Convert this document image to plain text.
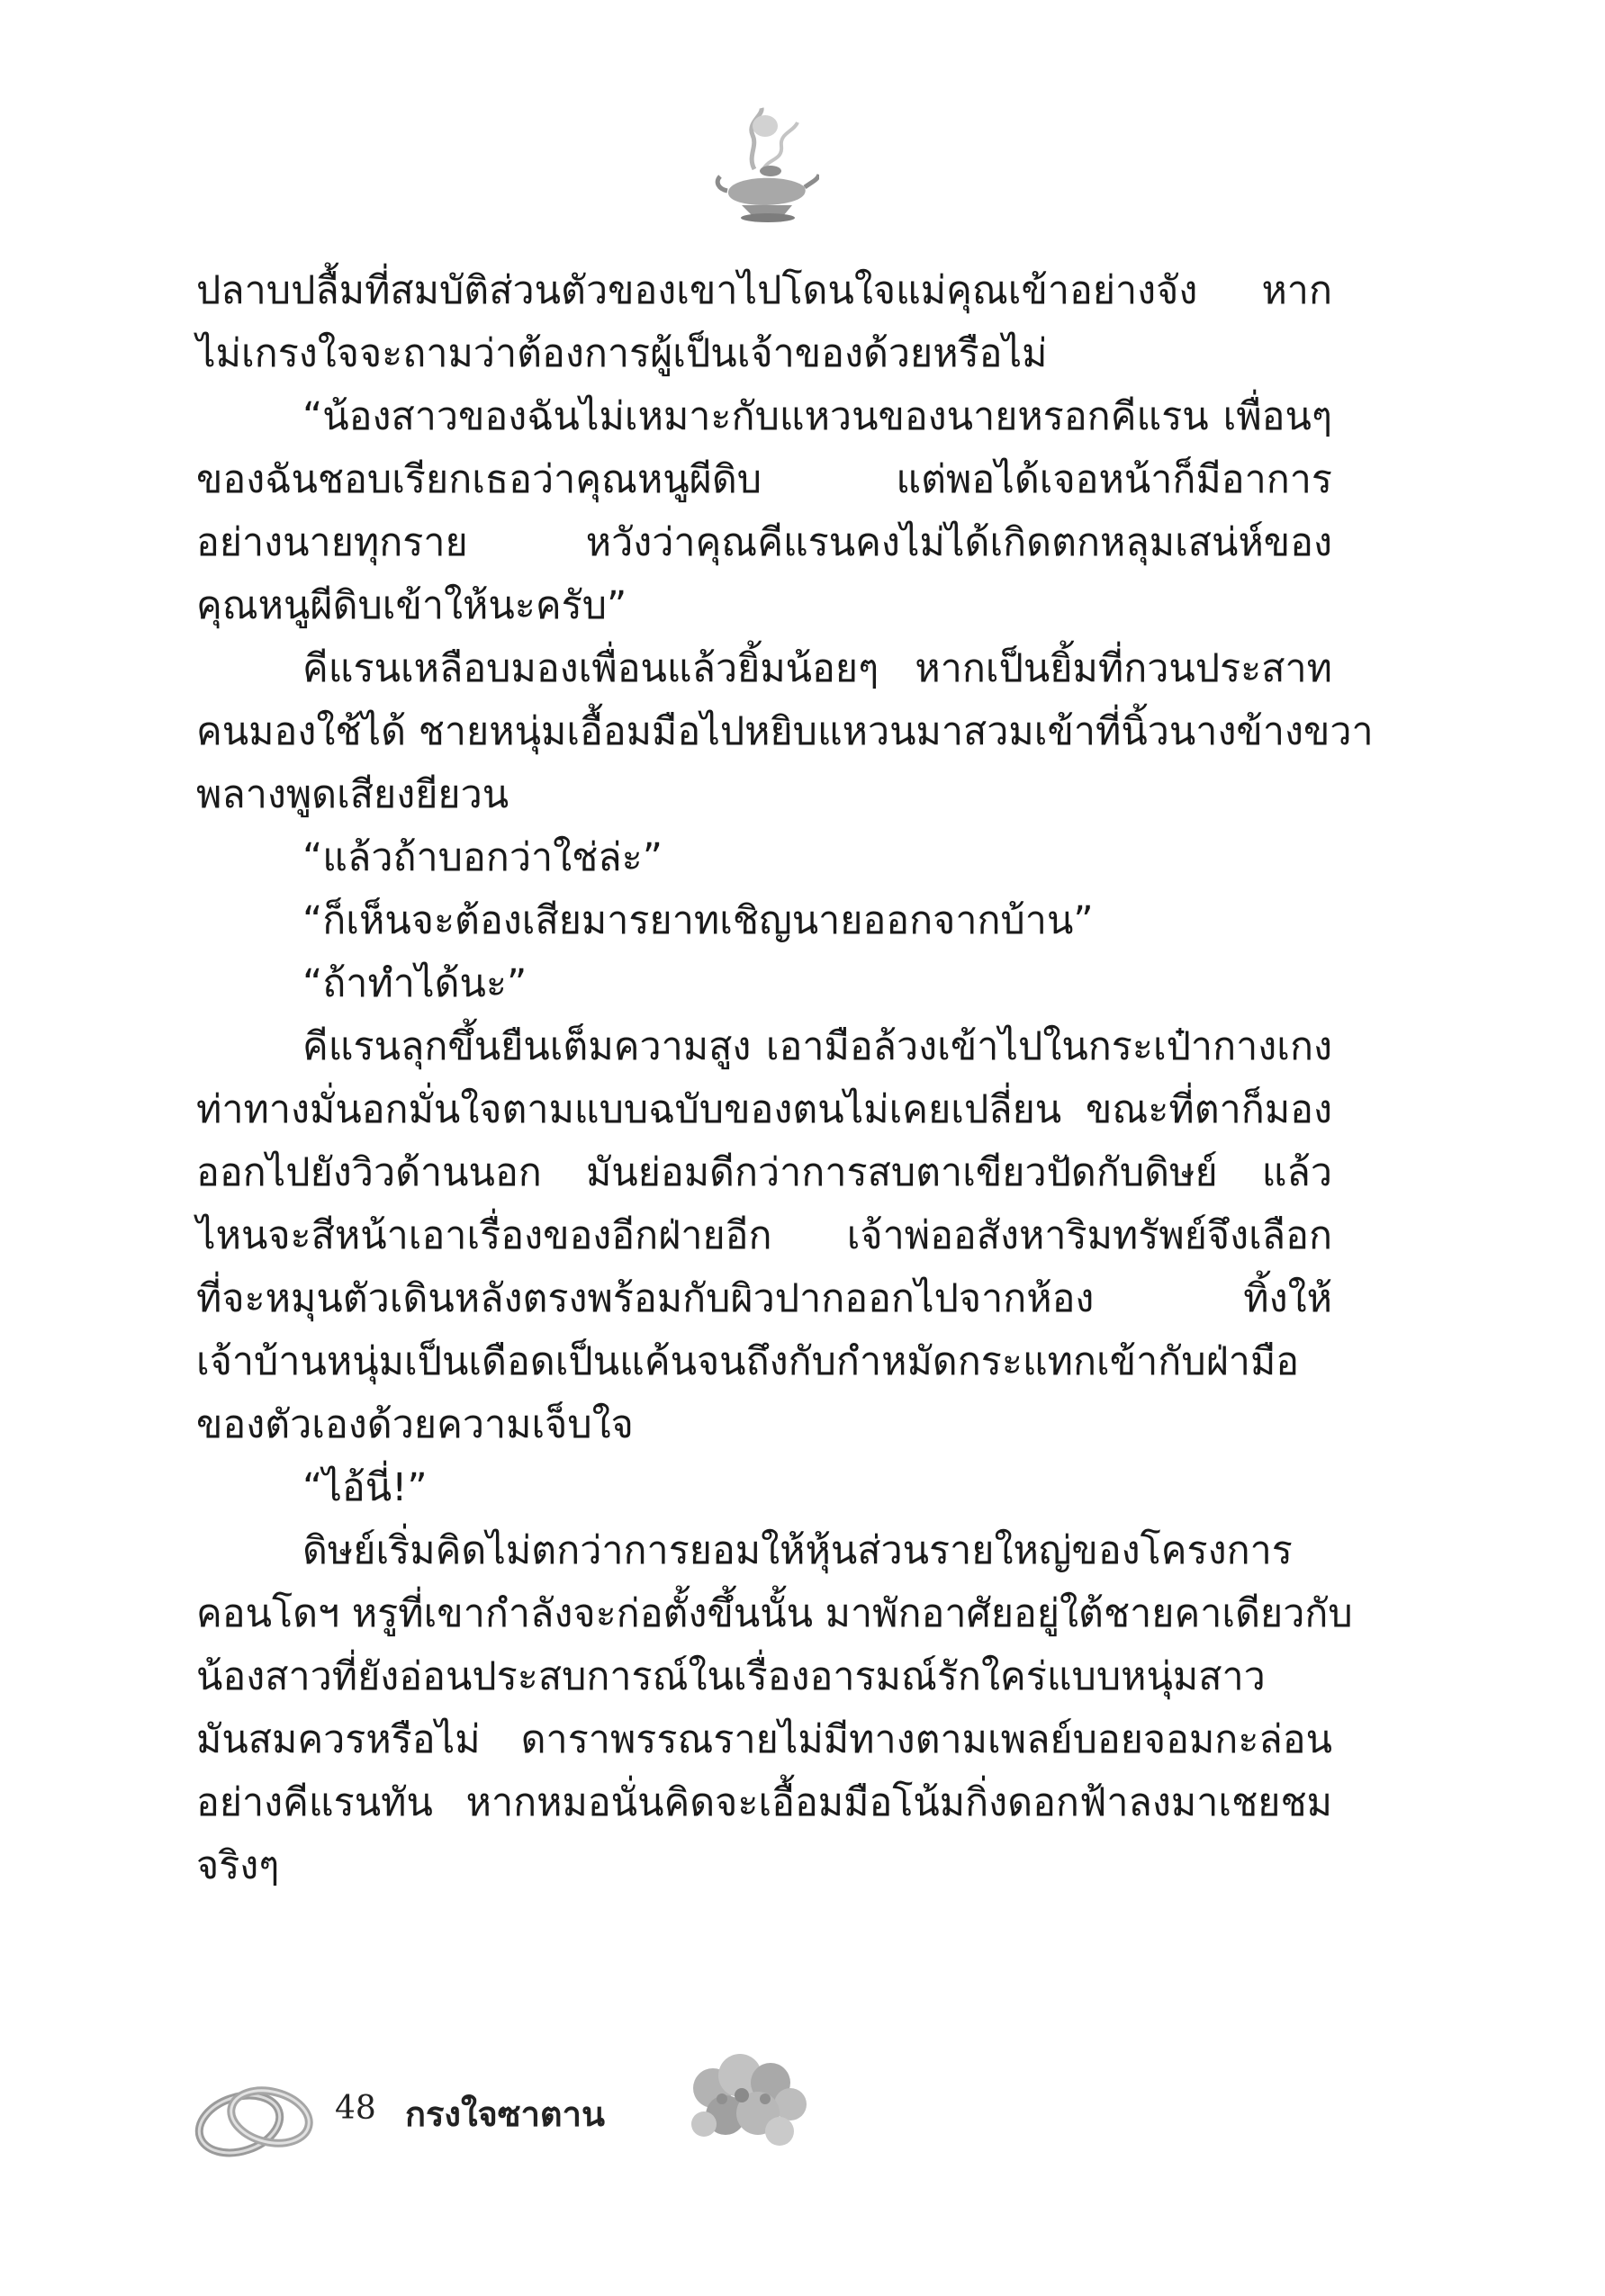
ปลาบปลื้มที่สมบัติส่วนตัวของเขาไปโดนใจแม่คุณเข้าอย่างจัง หาก
ไม่เกรงใจจะถามว่าต้องการผู้เป็นเจ้าของด้วยหรือไม่
“น้องสาวของฉันไม่เหมาะกับแหวนของนายหรอกคีแรน เพื่อนๆ
ของฉันชอบเรียกเธอว่าคุณหนูผีดิบ แต่พอได้เจอหน้าก็มีอาการ
อย่างนายทุกราย หวังว่าคุณคีแรนคงไม่ได้เกิดตกหลุมเสน่ห์ของ
คุณหนูผีดิบเข้าให้นะครับ”
คีแรนเหลือบมองเพื่อนแล้วยิ้มน้อยๆ หากเป็นยิ้มที่กวนประสาท
คนมองใช้ได้ ชายหนุ่มเอื้อมมือไปหยิบแหวนมาสวมเข้าที่นิ้วนางข้างขวา
พลางพูดเสียงยียวน
“แล้วถ้าบอกว่าใช่ล่ะ”
“ก็เห็นจะต้องเสียมารยาทเชิญนายออกจากบ้าน”
“ถ้าทำได้นะ”
คีแรนลุกขึ้นยืนเต็มความสูง เอามือล้วงเข้าไปในกระเป๋ากางเกง
ท่าทางมั่นอกมั่นใจตามแบบฉบับของตนไม่เคยเปลี่ยน ขณะที่ตาก็มอง
ออกไปยังวิวด้านนอก มันย่อมดีกว่าการสบตาเขียวปัดกับดิษย์ แล้ว
ไหนจะสีหน้าเอาเรื่องของอีกฝ่ายอีก เจ้าพ่ออสังหาริมทรัพย์จึงเลือก
ที่จะหมุนตัวเดินหลังตรงพร้อมกับผิวปากออกไปจากห้อง ทิ้งให้
เจ้าบ้านหนุ่มเป็นเดือดเป็นแค้นจนถึงกับกำหมัดกระแทกเข้ากับฝ่ามือ
ของตัวเองด้วยความเจ็บใจ
“ไอ้นี่!”
ดิษย์เริ่มคิดไม่ตกว่าการยอมให้หุ้นส่วนรายใหญ่ของโครงการ
คอนโดฯ หรูที่เขากำลังจะก่อตั้งขึ้นนั้น มาพักอาศัยอยู่ใต้ชายคาเดียวกับ
น้องสาวที่ยังอ่อนประสบการณ์ในเรื่องอารมณ์รักใคร่แบบหนุ่มสาว
มันสมควรหรือไม่ ดาราพรรณรายไม่มีทางตามเพลย์บอยจอมกะล่อน
อย่างคีแรนทัน หากหมอนั่นคิดจะเอื้อมมือโน้มกิ่งดอกฟ้าลงมาเชยชม
จริงๆ
48 กรงใจซาตาน
